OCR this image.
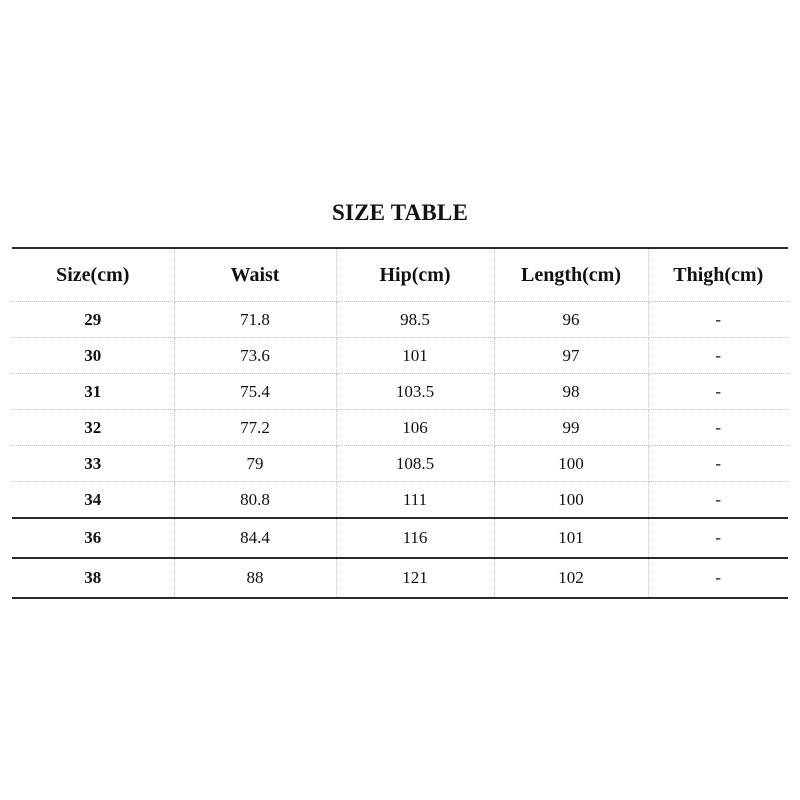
SIZE TABLE
Size(cm)	Waist	Hip(cm)	Length(cm)	Thigh(cm)
29	71.8	98.5	96	-
30	73.6	101	97	-
31	75.4	103.5	98	-
32	77.2	106	99	-
33	79	108.5	100	-
34	80.8	111	100	-
36	84.4	116	101	-
38	88	121	102	-
